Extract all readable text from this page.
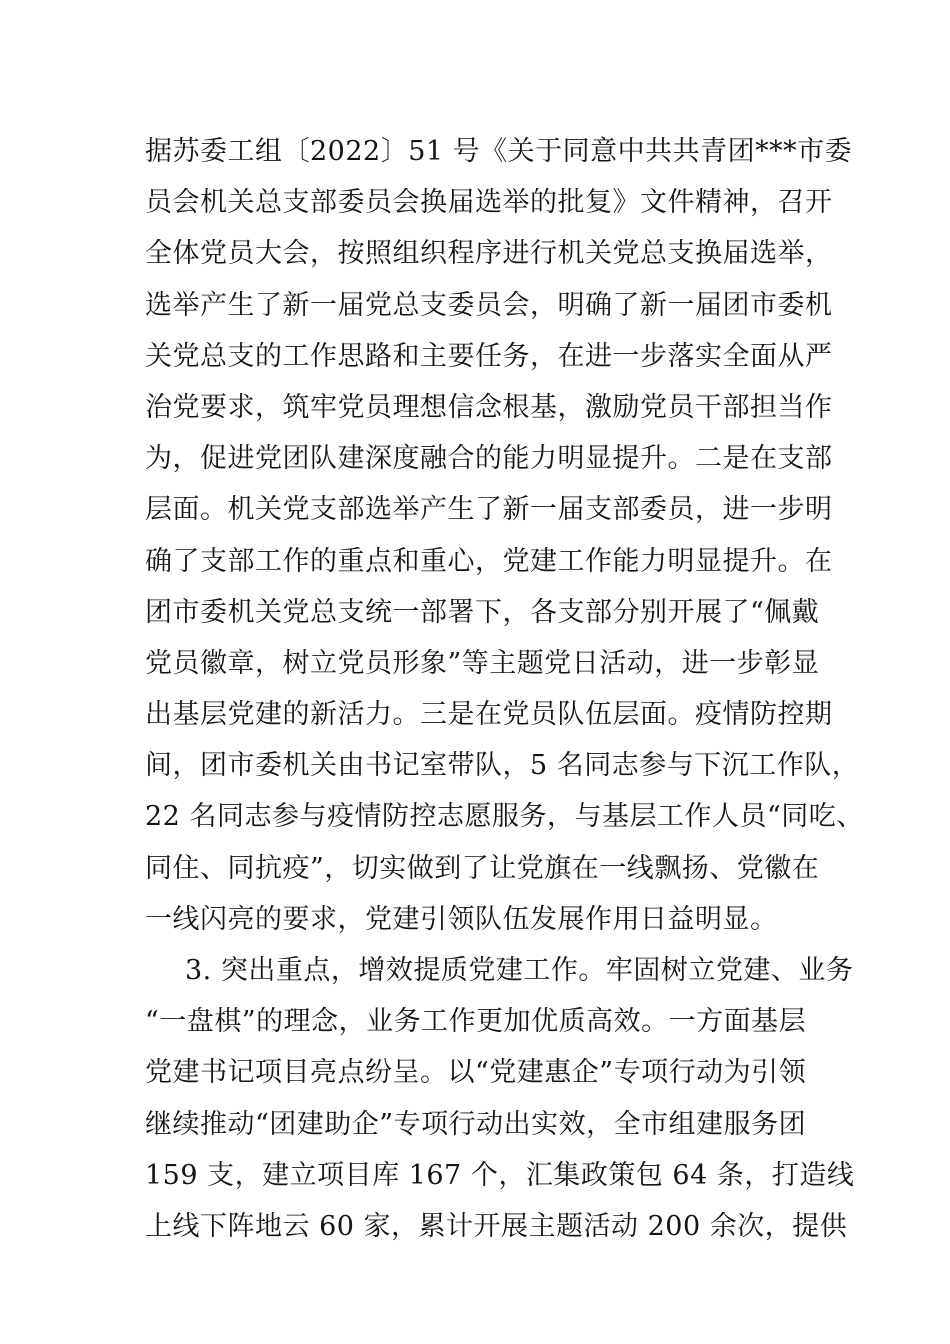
据苏委工组〔2022〕51 号《关于同意中共共青团***市委
员会机关总支部委员会换届选举的批复》文件精神，召开
全体党员大会，按照组织程序进行机关党总支换届选举，
选举产生了新一届党总支委员会，明确了新一届团市委机
关党总支的工作思路和主要任务，在进一步落实全面从严
治党要求，筑牢党员理想信念根基，激励党员干部担当作
为，促进党团队建深度融合的能力明显提升。二是在支部
层面。机关党支部选举产生了新一届支部委员，进一步明
确了支部工作的重点和重心，党建工作能力明显提升。在
团市委机关党总支统一部署下，各支部分别开展了“佩戴
党员徽章，树立党员形象”等主题党日活动，进一步彰显
出基层党建的新活力。三是在党员队伍层面。疫情防控期
间，团市委机关由书记室带队，5 名同志参与下沉工作队，
22 名同志参与疫情防控志愿服务，与基层工作人员“同吃、
同住、同抗疫”，切实做到了让党旗在一线飘扬、党徽在
一线闪亮的要求，党建引领队伍发展作用日益明显。
3. 突出重点，增效提质党建工作。牢固树立党建、业务
“一盘棋”的理念，业务工作更加优质高效。一方面基层
党建书记项目亮点纷呈。以“党建惠企”专项行动为引领
继续推动“团建助企”专项行动出实效，全市组建服务团
159 支，建立项目库 167 个，汇集政策包 64 条，打造线
上线下阵地云 60 家，累计开展主题活动 200 余次，提供
